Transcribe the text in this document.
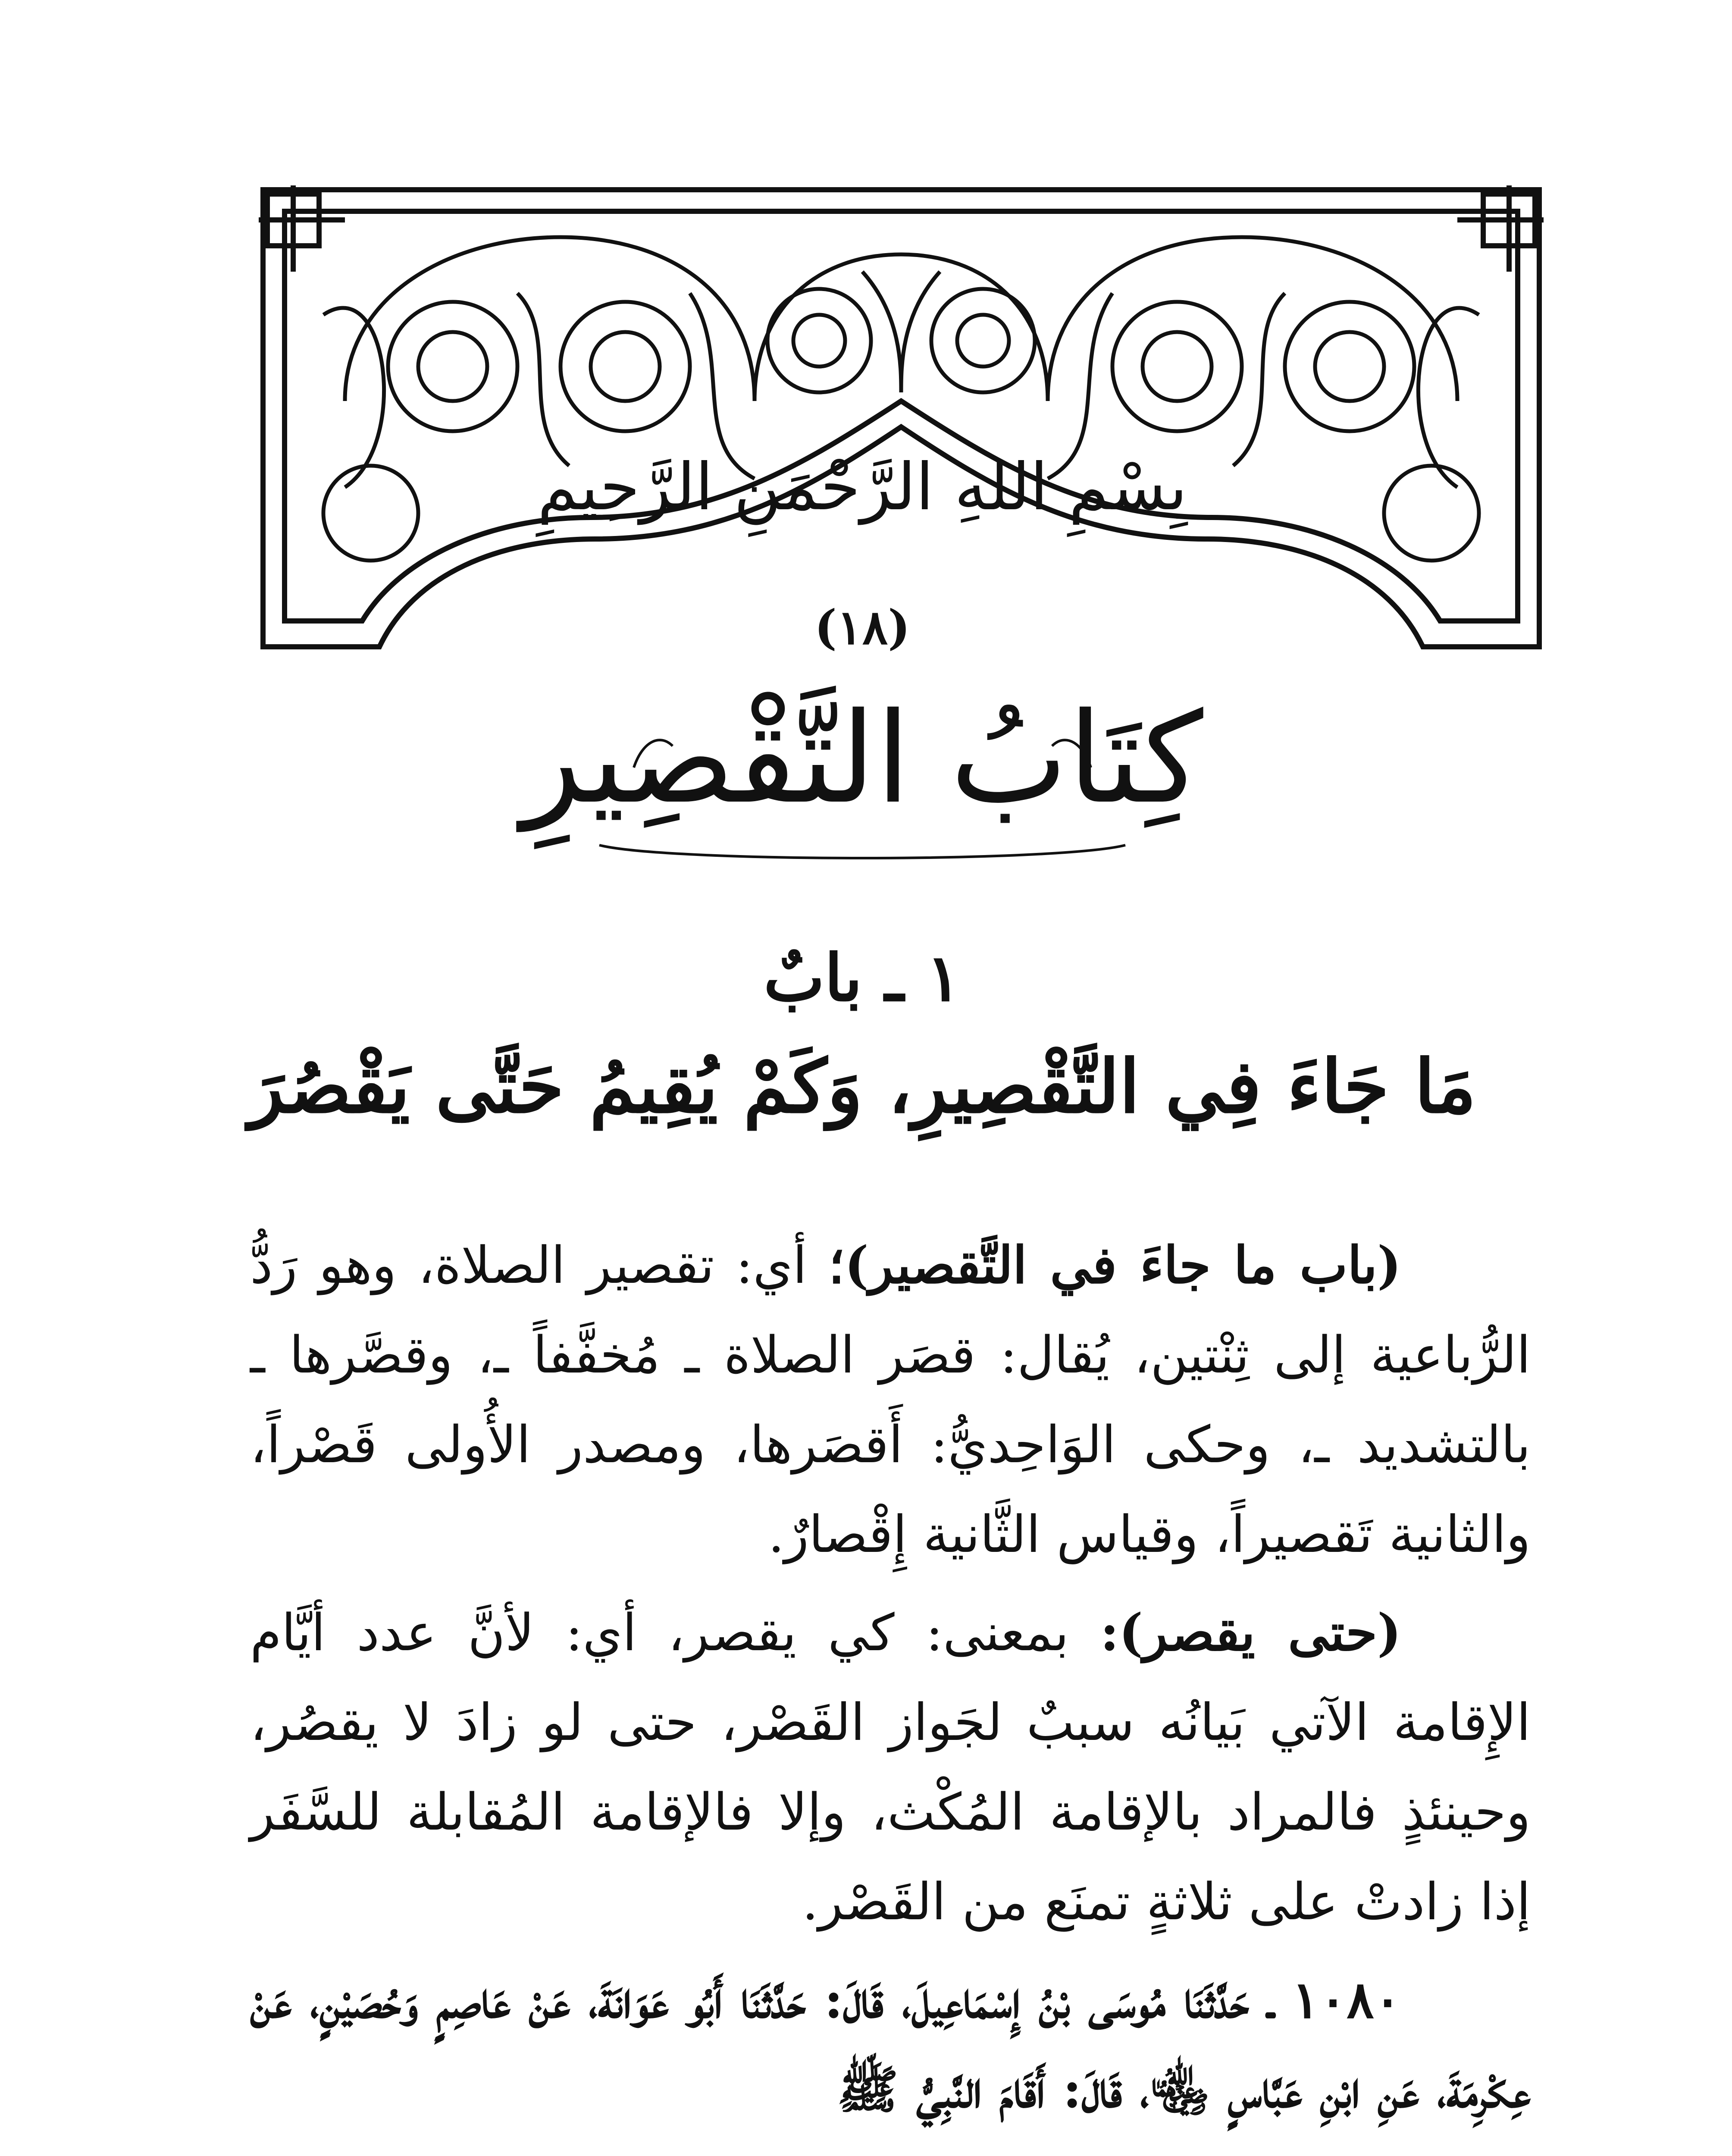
بِسْمِ اللهِ الرَّحْمَنِ الرَّحِيمِ
(١٨)
كِتَابُ التَّقْصِيرِ
١ ـ بابٌ
مَا جَاءَ فِي التَّقْصِيرِ، وَكَمْ يُقِيمُ حَتَّى يَقْصُرَ

(باب ما جاءَ في التَّقصير)؛ أي: تقصير الصلاة، وهو رَدُّ الرُّباعية إلى ثِنْتين، يُقال: قصَر الصلاة ـ مُخفَّفاً ـ، وقصَّرها ـ بالتشديد ـ، وحكى الوَاحِديُّ: أَقصَرها، ومصدر الأُولى قَصْراً، والثانية تَقصيراً، وقياس الثَّانية إِقْصارٌ.

(حتى يقصر): بمعنى: كي يقصر، أي: لأنَّ عدد أيَّام الإِقامة الآتي بَيانُه سببٌ لجَواز القَصْر، حتى لو زادَ لا يقصُر، وحينئذٍ فالمراد بالإقامة المُكْث، وإلا فالإقامة المُقابلة للسَّفَر إذا زادتْ على ثلاثةٍ تمنَع من القَصْر.

١٠٨٠ ـ حَدَّثَنَا مُوسَى بْنُ إِسْمَاعِيلَ، قَالَ: حَدَّثَنَا أَبُو عَوَانَةَ، عَنْ عَاصِمٍ وَحُصَيْنٍ، عَنْ عِكْرِمَةَ، عَنِ ابْنِ عَبَّاسٍ ﵄، قَالَ: أَقَامَ النَّبِيُّ ﷺ
